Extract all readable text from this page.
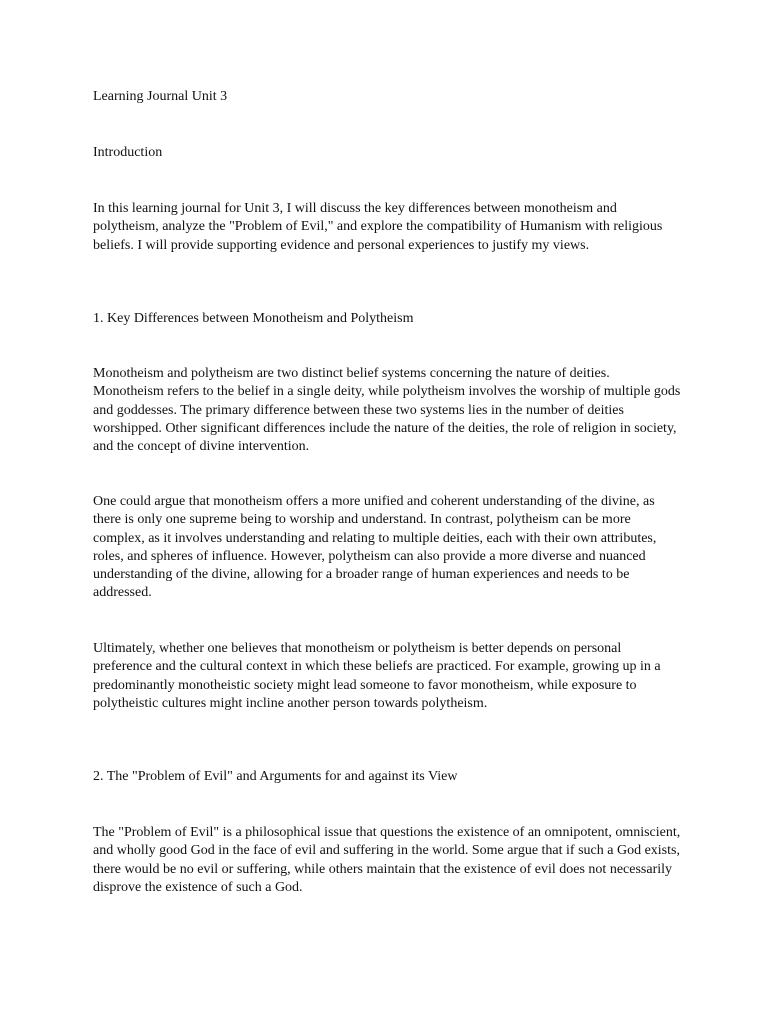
Learning Journal Unit 3

Introduction

In this learning journal for Unit 3, I will discuss the key differences between monotheism and polytheism, analyze the "Problem of Evil," and explore the compatibility of Humanism with religious beliefs. I will provide supporting evidence and personal experiences to justify my views.

1. Key Differences between Monotheism and Polytheism

Monotheism and polytheism are two distinct belief systems concerning the nature of deities. Monotheism refers to the belief in a single deity, while polytheism involves the worship of multiple gods and goddesses. The primary difference between these two systems lies in the number of deities worshipped. Other significant differences include the nature of the deities, the role of religion in society, and the concept of divine intervention.

One could argue that monotheism offers a more unified and coherent understanding of the divine, as there is only one supreme being to worship and understand. In contrast, polytheism can be more complex, as it involves understanding and relating to multiple deities, each with their own attributes, roles, and spheres of influence. However, polytheism can also provide a more diverse and nuanced understanding of the divine, allowing for a broader range of human experiences and needs to be addressed.

Ultimately, whether one believes that monotheism or polytheism is better depends on personal preference and the cultural context in which these beliefs are practiced. For example, growing up in a predominantly monotheistic society might lead someone to favor monotheism, while exposure to polytheistic cultures might incline another person towards polytheism.

2. The "Problem of Evil" and Arguments for and against its View

The "Problem of Evil" is a philosophical issue that questions the existence of an omnipotent, omniscient, and wholly good God in the face of evil and suffering in the world. Some argue that if such a God exists, there would be no evil or suffering, while others maintain that the existence of evil does not necessarily disprove the existence of such a God.
